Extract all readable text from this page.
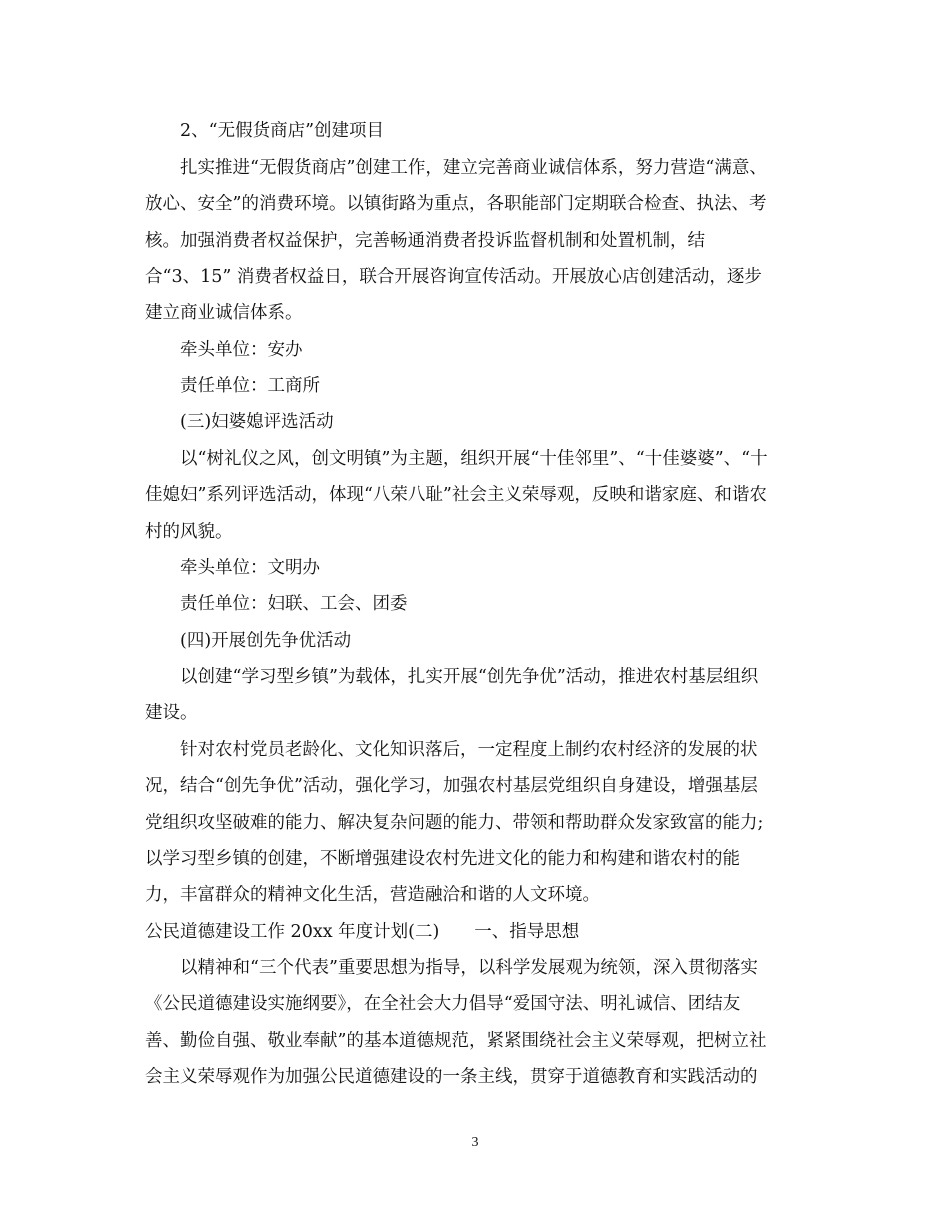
2、“无假货商店”创建项目
扎实推进“无假货商店”创建工作，建立完善商业诚信体系，努力营造“满意、
放心、安全”的消费环境。以镇街路为重点，各职能部门定期联合检查、执法、考
核。加强消费者权益保护，完善畅通消费者投诉监督机制和处置机制，结
合“3、15” 消费者权益日，联合开展咨询宣传活动。开展放心店创建活动，逐步
建立商业诚信体系。
牵头单位：安办
责任单位：工商所
(三)妇婆媳评选活动
以“树礼仪之风，创文明镇”为主题，组织开展“十佳邻里”、“十佳婆婆”、“十
佳媳妇”系列评选活动，体现“八荣八耻”社会主义荣辱观，反映和谐家庭、和谐农
村的风貌。
牵头单位：文明办
责任单位：妇联、工会、团委
(四)开展创先争优活动
以创建“学习型乡镇”为载体，扎实开展“创先争优”活动，推进农村基层组织
建设。
针对农村党员老龄化、文化知识落后，一定程度上制约农村经济的发展的状
况，结合“创先争优”活动，强化学习，加强农村基层党组织自身建设，增强基层
党组织攻坚破难的能力、解决复杂问题的能力、带领和帮助群众发家致富的能力;
以学习型乡镇的创建，不断增强建设农村先进文化的能力和构建和谐农村的能
力，丰富群众的精神文化生活，营造融洽和谐的人文环境。
公民道德建设工作 20xx 年度计划(二)　　一、指导思想
以精神和“三个代表”重要思想为指导，以科学发展观为统领，深入贯彻落实
《公民道德建设实施纲要》，在全社会大力倡导“爱国守法、明礼诚信、团结友
善、勤俭自强、敬业奉献”的基本道德规范，紧紧围绕社会主义荣辱观，把树立社
会主义荣辱观作为加强公民道德建设的一条主线，贯穿于道德教育和实践活动的
3
